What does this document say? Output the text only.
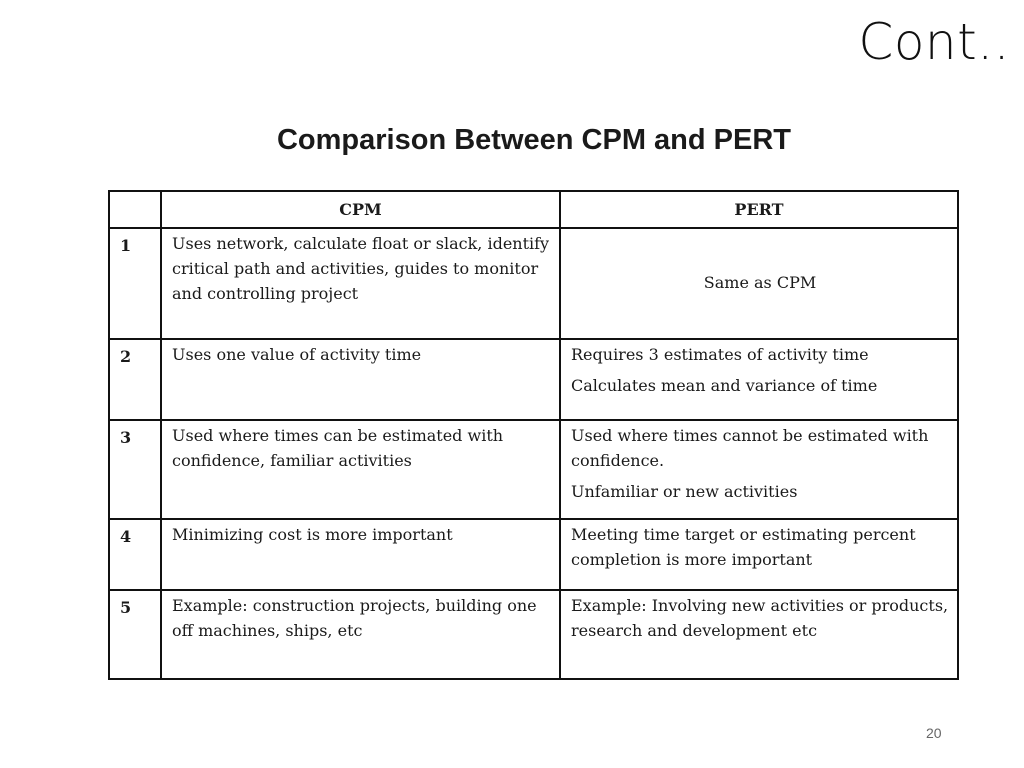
Cont..
Comparison Between CPM and PERT
	CPM	PERT
1	Uses network, calculate float or slack, identify critical path and activities, guides to monitor and controlling project	Same as CPM

2	Uses one value of activity time	Requires 3 estimates of activity time
Calculates mean and variance of time

3	Used where times can be estimated with confidence, familiar activities	Used where times cannot be estimated with confidence.
Unfamiliar or new activities

4	Minimizing cost is more important	Meeting time target or estimating percent completion is more important

5	Example: construction projects, building one off machines, ships, etc	Example: Involving new activities or products, research and development etc
20
